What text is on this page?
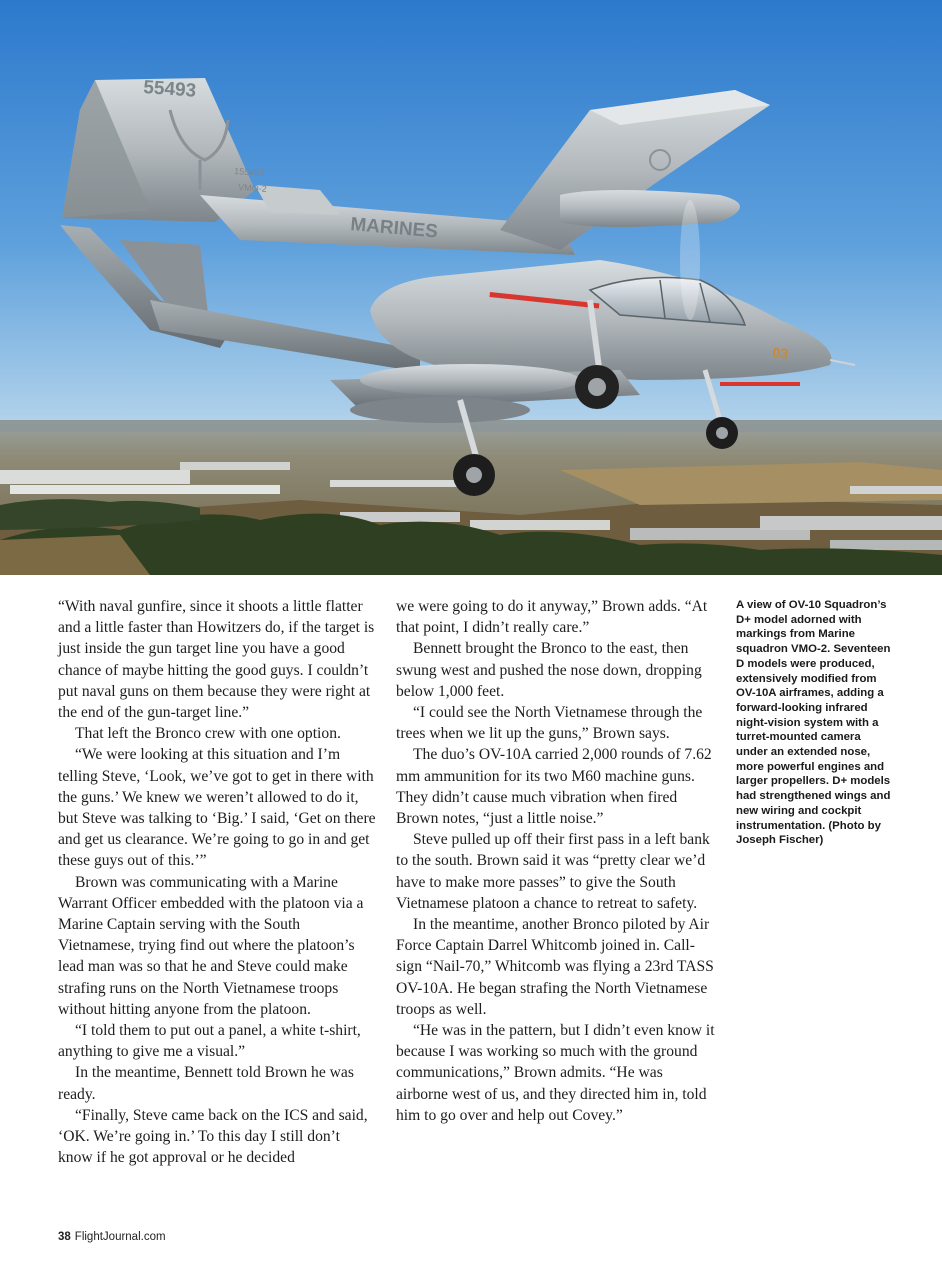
55493
155493
VMO-2
MARINES
03

“With naval gunfire, since it shoots a little flatter and a little faster than Howitzers do, if the target is just inside the gun target line you have a good chance of maybe hitting the good guys. I couldn’t put naval guns on them because they were right at the end of the gun-target line.”

That left the Bronco crew with one option.

“We were looking at this situation and I’m telling Steve, ‘Look, we’ve got to get in there with the guns.’ We knew we weren’t allowed to do it, but Steve was talking to ‘Big.’ I said, ‘Get on there and get us clearance. We’re going to go in and get these guys out of this.’”

Brown was communicating with a Marine Warrant Officer embedded with the platoon via a Marine Captain serving with the South Vietnamese, trying find out where the platoon’s lead man was so that he and Steve could make strafing runs on the North Vietnamese troops without hitting anyone from the platoon.

“I told them to put out a panel, a white t-shirt, anything to give me a visual.”

In the meantime, Bennett told Brown he was ready.

“Finally, Steve came back on the ICS and said, ‘OK. We’re going in.’ To this day I still don’t know if he got approval or he decided

we were going to do it anyway,” Brown adds. “At that point, I didn’t really care.”

Bennett brought the Bronco to the east, then swung west and pushed the nose down, dropping below 1,000 feet.

“I could see the North Vietnamese through the trees when we lit up the guns,” Brown says.

The duo’s OV-10A carried 2,000 rounds of 7.62 mm ammunition for its two M60 machine guns. They didn’t cause much vibration when fired Brown notes, “just a little noise.”

Steve pulled up off their first pass in a left bank to the south. Brown said it was “pretty clear we’d have to make more passes” to give the South Vietnamese platoon a chance to retreat to safety.

In the meantime, another Bronco piloted by Air Force Captain Darrel Whitcomb joined in. Call-sign “Nail-70,” Whitcomb was flying a 23rd TASS OV-10A. He began strafing the North Vietnamese troops as well.

“He was in the pattern, but I didn’t even know it because I was working so much with the ground communications,” Brown admits. “He was airborne west of us, and they directed him in, told him to go over and help out Covey.”

A view of OV-10 Squadron’s D+ model adorned with markings from Marine squadron VMO-2. Seventeen D models were produced, extensively modified from OV-10A airframes, adding a forward-looking infrared night-vision system with a turret-mounted camera under an extended nose, more powerful engines and larger propellers. D+ models had strengthened wings and new wiring and cockpit instrumentation. (Photo by Joseph Fischer)
38 FlightJournal.com
